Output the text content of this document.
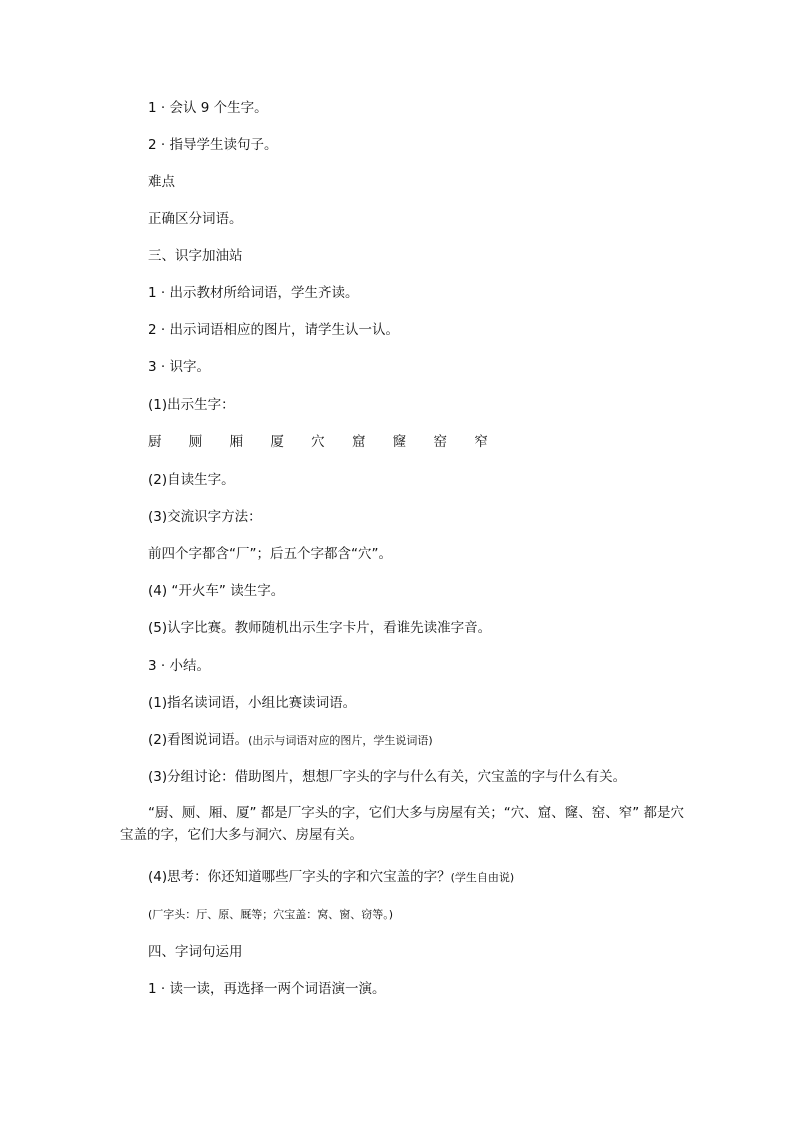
1 · 会认 9 个生字。
2 · 指导学生读句子。
难点
正确区分词语。
三、识字加油站
1 · 出示教材所给词语，学生齐读。
2 · 出示词语相应的图片，请学生认一认。
3 · 识字。
(1)出示生字：
厨 厕 厢 厦 穴 窟 窿 窑 窄
(2)自读生字。
(3)交流识字方法：
前四个字都含“厂”；后五个字都含“穴”。
(4) “开火车” 读生字。
(5)认字比赛。教师随机出示生字卡片，看谁先读准字音。
3 · 小结。
(1)指名读词语，小组比赛读词语。
(2)看图说词语。(出示与词语对应的图片，学生说词语)
(3)分组讨论：借助图片，想想厂字头的字与什么有关，穴宝盖的字与什么有关。
“厨、厕、厢、厦” 都是厂字头的字，它们大多与房屋有关；“穴、窟、窿、窑、窄” 都是穴宝盖的字，它们大多与洞穴、房屋有关。
(4)思考：你还知道哪些厂字头的字和穴宝盖的字？(学生自由说)
(厂字头：厅、原、厩等；穴宝盖：窝、窗、窃等。)
四、字词句运用
1 · 读一读，再选择一两个词语演一演。
